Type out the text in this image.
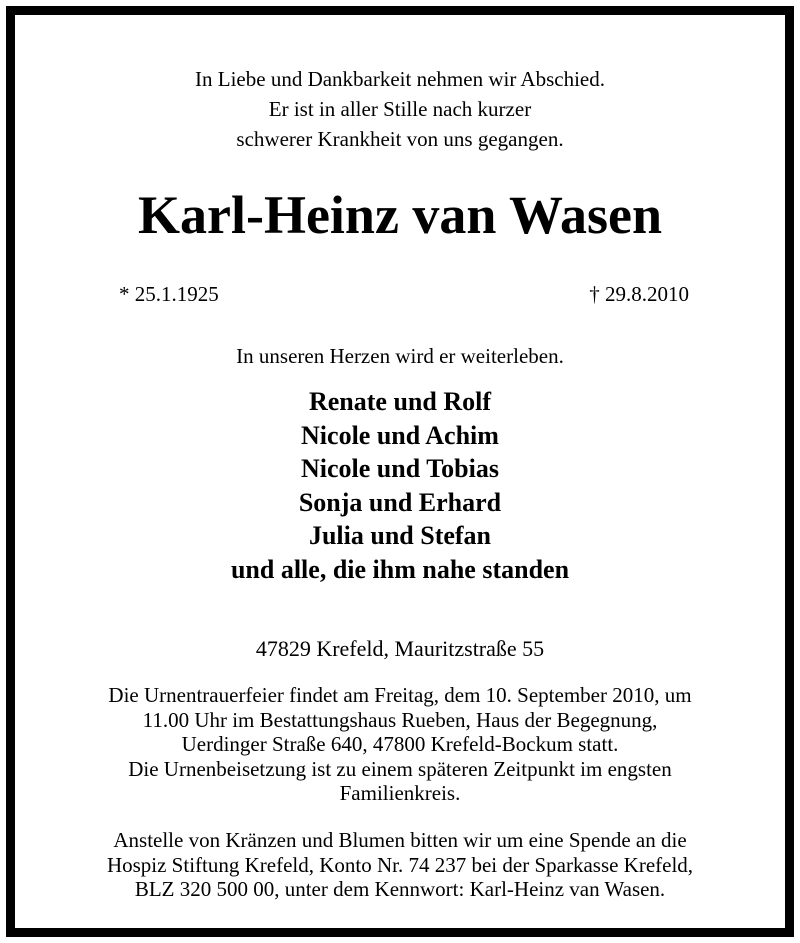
In Liebe und Dankbarkeit nehmen wir Abschied.
Er ist in aller Stille nach kurzer
schwerer Krankheit von uns gegangen.
Karl-Heinz van Wasen
* 25.1.1925	† 29.8.2010
In unseren Herzen wird er weiterleben.
Renate und Rolf
Nicole und Achim
Nicole und Tobias
Sonja und Erhard
Julia und Stefan
und alle, die ihm nahe standen
47829 Krefeld, Mauritzstraße 55
Die Urnentrauerfeier findet am Freitag, dem 10. September 2010, um
11.00 Uhr im Bestattungshaus Rueben, Haus der Begegnung,
Uerdinger Straße 640, 47800 Krefeld-Bockum statt.
Die Urnenbeisetzung ist zu einem späteren Zeitpunkt im engsten
Familienkreis.
Anstelle von Kränzen und Blumen bitten wir um eine Spende an die
Hospiz Stiftung Krefeld, Konto Nr. 74 237 bei der Sparkasse Krefeld,
BLZ 320 500 00, unter dem Kennwort: Karl-Heinz van Wasen.
